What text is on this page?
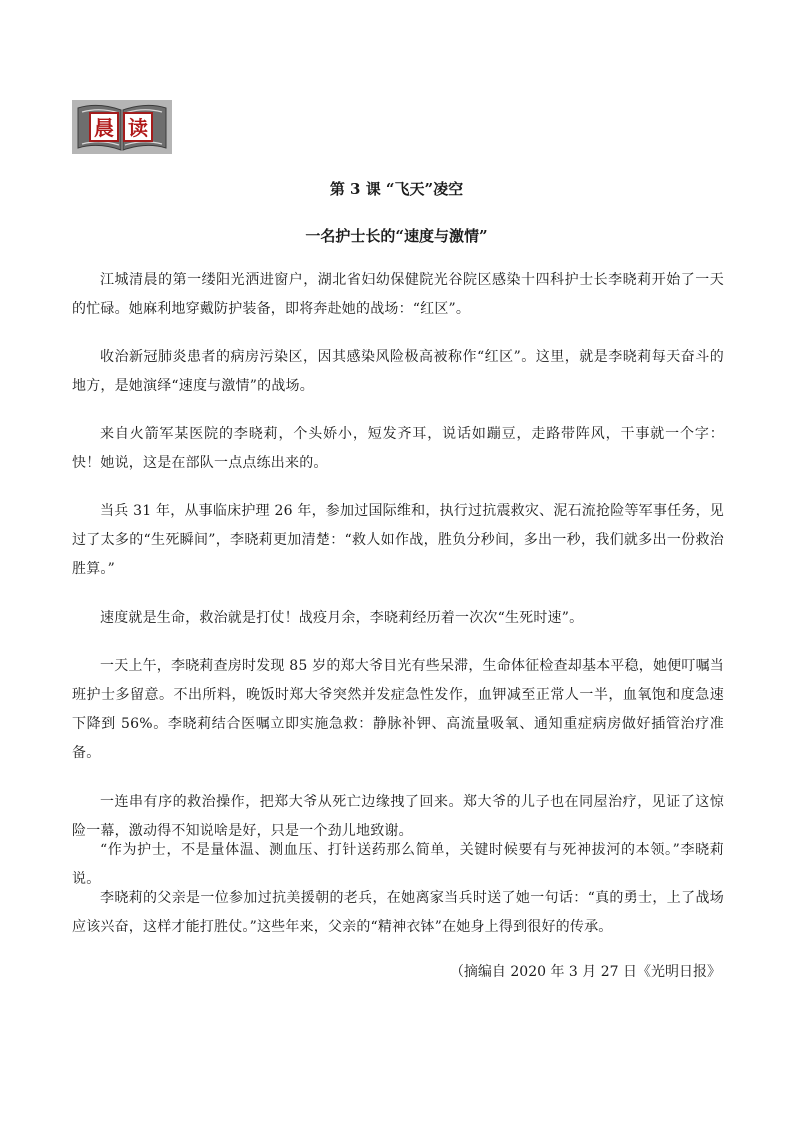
晨 读
第 3 课 “飞天”凌空
一名护士长的“速度与激情”

江城清晨的第一缕阳光洒进窗户，湖北省妇幼保健院光谷院区感染十四科护士长李晓莉开始了一天的忙碌。她麻利地穿戴防护装备，即将奔赴她的战场：“红区”。

收治新冠肺炎患者的病房污染区，因其感染风险极高被称作“红区”。这里，就是李晓莉每天奋斗的地方，是她演绎“速度与激情”的战场。

来自火箭军某医院的李晓莉，个头娇小，短发齐耳，说话如蹦豆，走路带阵风，干事就一个字：快！她说，这是在部队一点点练出来的。

当兵 31 年，从事临床护理 26 年，参加过国际维和，执行过抗震救灾、泥石流抢险等军事任务，见过了太多的“生死瞬间”，李晓莉更加清楚：“救人如作战，胜负分秒间，多出一秒，我们就多出一份救治胜算。”

速度就是生命，救治就是打仗！战疫月余，李晓莉经历着一次次“生死时速”。

一天上午，李晓莉查房时发现 85 岁的郑大爷目光有些呆滞，生命体征检查却基本平稳，她便叮嘱当班护士多留意。不出所料，晚饭时郑大爷突然并发症急性发作，血钾减至正常人一半，血氧饱和度急速下降到 56%。李晓莉结合医嘱立即实施急救：静脉补钾、高流量吸氧、通知重症病房做好插管治疗准备。

一连串有序的救治操作，把郑大爷从死亡边缘拽了回来。郑大爷的儿子也在同屋治疗，见证了这惊险一幕，激动得不知说啥是好，只是一个劲儿地致谢。

“作为护士，不是量体温、测血压、打针送药那么简单，关键时候要有与死神拔河的本领。”李晓莉说。

李晓莉的父亲是一位参加过抗美援朝的老兵，在她离家当兵时送了她一句话：“真的勇士，上了战场应该兴奋，这样才能打胜仗。”这些年来，父亲的“精神衣钵”在她身上得到很好的传承。

（摘编自 2020 年 3 月 27 日《光明日报》
